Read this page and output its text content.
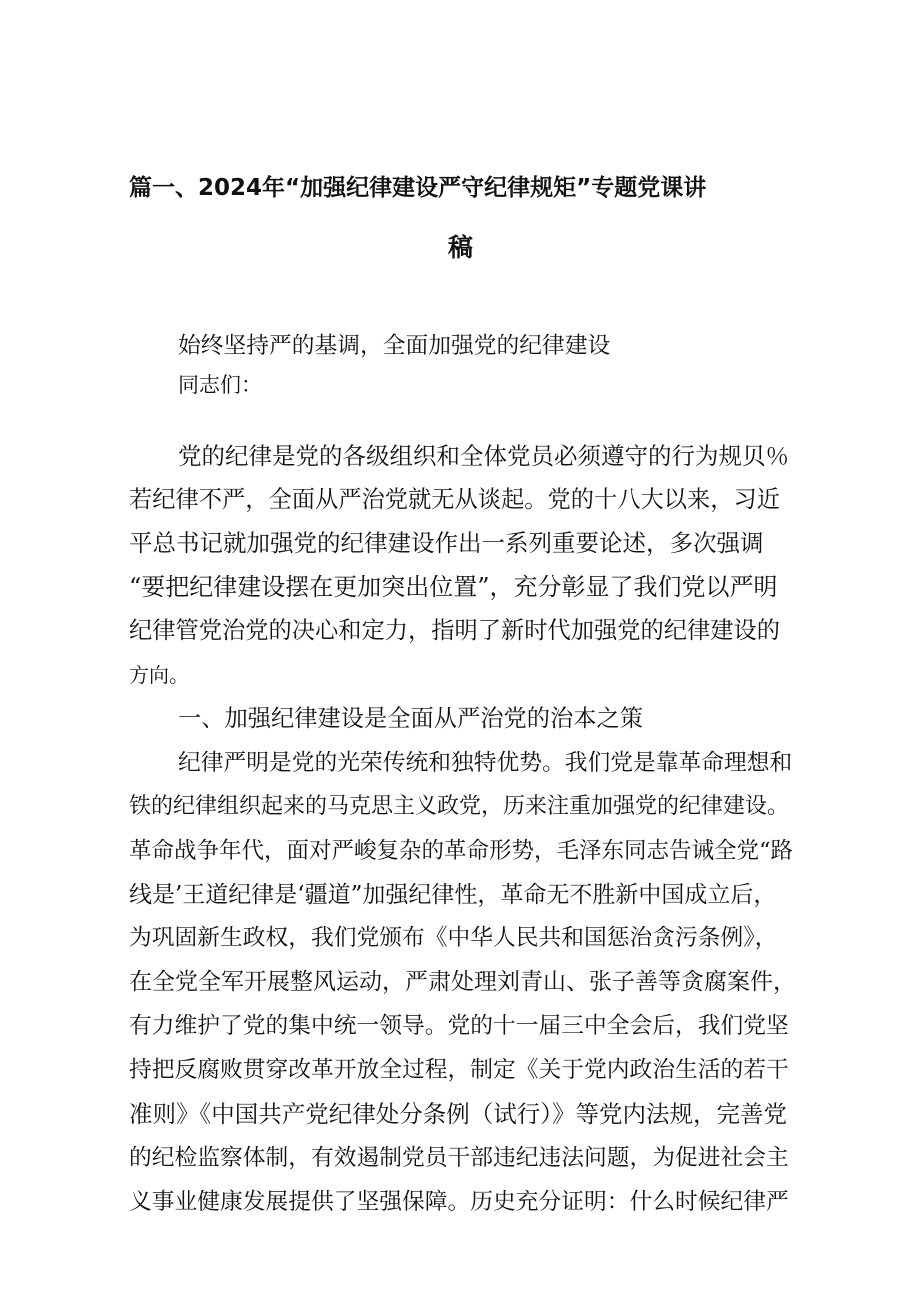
篇一、2024年“加强纪律建设严守纪律规矩”专题党课讲
稿
始终坚持严的基调，全面加强党的纪律建设
同志们：
党的纪律是党的各级组织和全体党员必须遵守的行为规贝％
若纪律不严，全面从严治党就无从谈起。党的十八大以来，习近
平总书记就加强党的纪律建设作出一系列重要论述，多次强调
“要把纪律建设摆在更加突出位置”，充分彰显了我们党以严明
纪律管党治党的决心和定力，指明了新时代加强党的纪律建设的
方向。
一、加强纪律建设是全面从严治党的治本之策
纪律严明是党的光荣传统和独特优势。我们党是靠革命理想和
铁的纪律组织起来的马克思主义政党，历来注重加强党的纪律建设。
革命战争年代，面对严峻复杂的革命形势，毛泽东同志告诫全党“路
线是’王道纪律是‘疆道”加强纪律性，革命无不胜新中国成立后，
为巩固新生政权，我们党颁布《中华人民共和国惩治贪污条例》，
在全党全军开展整风运动，严肃处理刘青山、张子善等贪腐案件，
有力维护了党的集中统一领导。党的十一届三中全会后，我们党坚
持把反腐败贯穿改革开放全过程，制定《关于党内政治生活的若干
准则》《中国共产党纪律处分条例（试行）》等党内法规，完善党
的纪检监察体制，有效遏制党员干部违纪违法问题，为促进社会主
义事业健康发展提供了坚强保障。历史充分证明：什么时候纪律严
